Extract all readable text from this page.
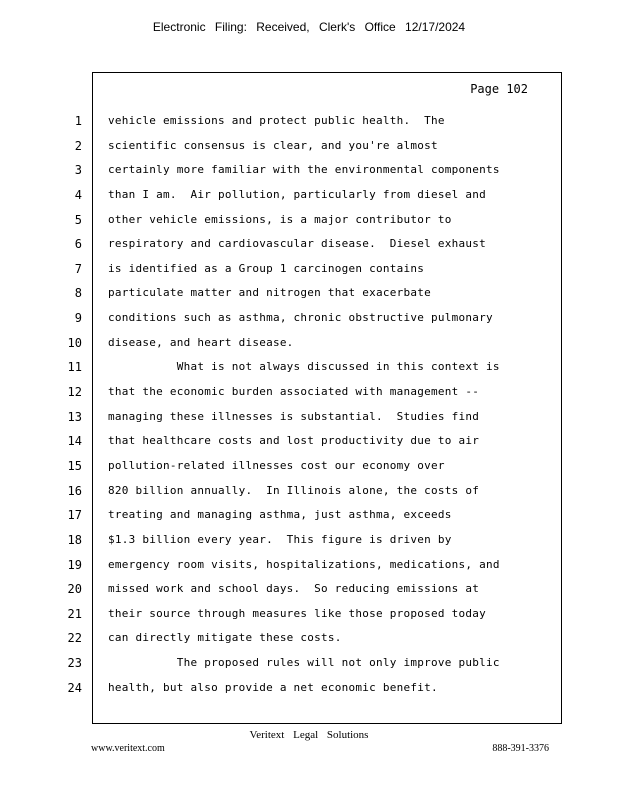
Electronic Filing: Received, Clerk's Office 12/17/2024
Page 102
1
2
3
4
5
6
7
8
9
10
11
12
13
14
15
16
17
18
19
20
21
22
23
24
vehicle emissions and protect public health.  The
scientific consensus is clear, and you're almost
certainly more familiar with the environmental components
than I am.  Air pollution, particularly from diesel and
other vehicle emissions, is a major contributor to
respiratory and cardiovascular disease.  Diesel exhaust
is identified as a Group 1 carcinogen contains
particulate matter and nitrogen that exacerbate
conditions such as asthma, chronic obstructive pulmonary
disease, and heart disease.
What is not always discussed in this context is
that the economic burden associated with management --
managing these illnesses is substantial.  Studies find
that healthcare costs and lost productivity due to air
pollution-related illnesses cost our economy over
820 billion annually.  In Illinois alone, the costs of
treating and managing asthma, just asthma, exceeds
$1.3 billion every year.  This figure is driven by
emergency room visits, hospitalizations, medications, and
missed work and school days.  So reducing emissions at
their source through measures like those proposed today
can directly mitigate these costs.
The proposed rules will not only improve public
health, but also provide a net economic benefit.
Veritext Legal Solutions
www.veritext.com	888-391-3376
